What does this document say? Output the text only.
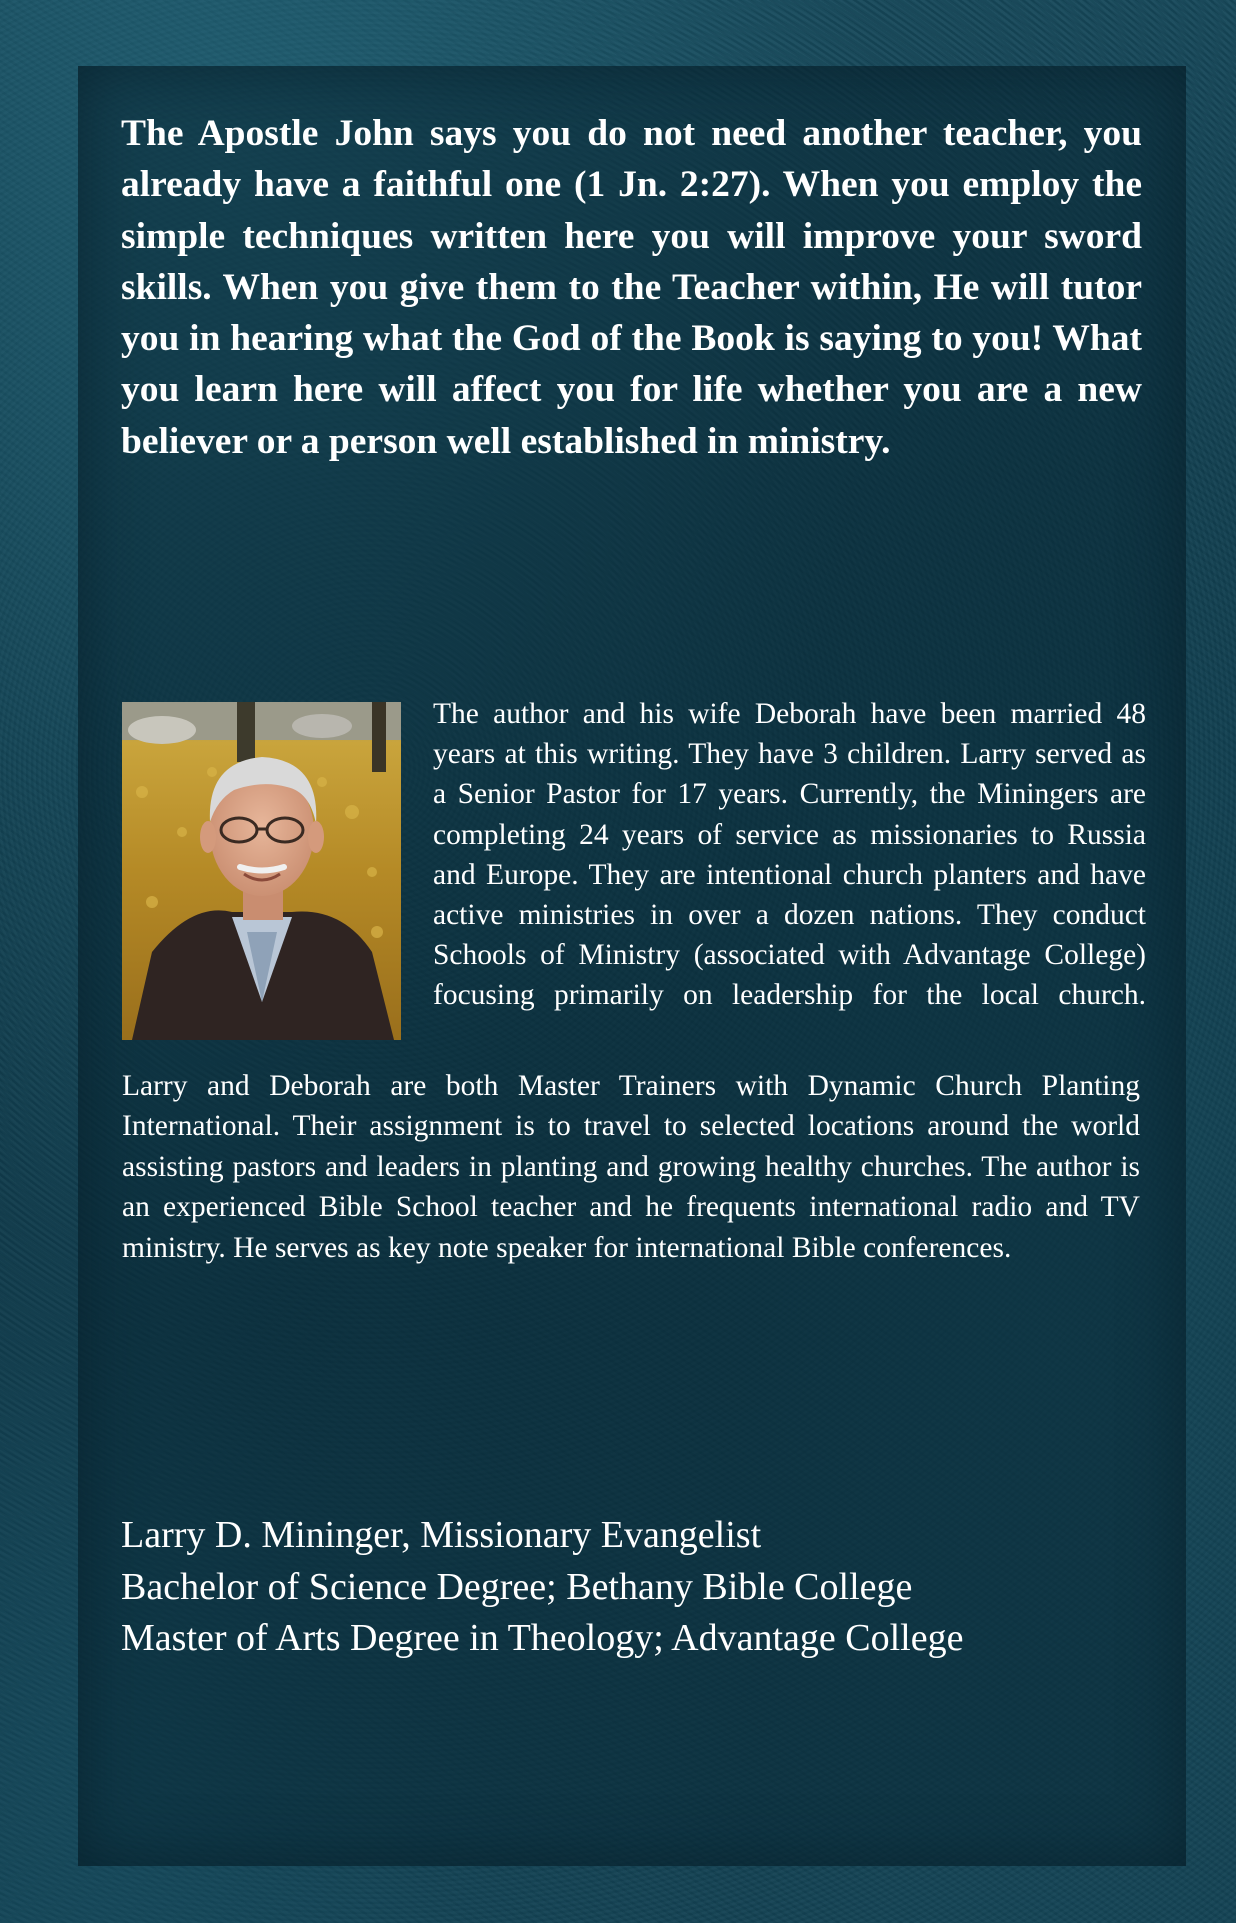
The Apostle John says you do not need another teacher, you already have a faithful one (1 Jn. 2:27). When you employ the simple techniques written here you will improve your sword skills. When you give them to the Teacher within, He will tutor you in hearing what the God of the Book is saying to you! What you learn here will affect you for life whether you are a new believer or a person well established in ministry.

The author and his wife Deborah have been married 48 years at this writing. They have 3 children. Larry served as a Senior Pastor for 17 years. Currently, the Miningers are completing 24 years of service as missionaries to Russia and Europe. They are intentional church planters and have active ministries in over a dozen nations. They conduct Schools of Ministry (associated with Advantage College) focusing primarily on leadership for the local church.

Larry and Deborah are both Master Trainers with Dynamic Church Planting International. Their assignment is to travel to selected locations around the world assisting pastors and leaders in planting and growing healthy churches. The author is an experienced Bible School teacher and he frequents international radio and TV ministry. He serves as key note speaker for international Bible conferences.

Larry D. Mininger, Missionary Evangelist
Bachelor of Science Degree; Bethany Bible College
Master of Arts Degree in Theology; Advantage College
